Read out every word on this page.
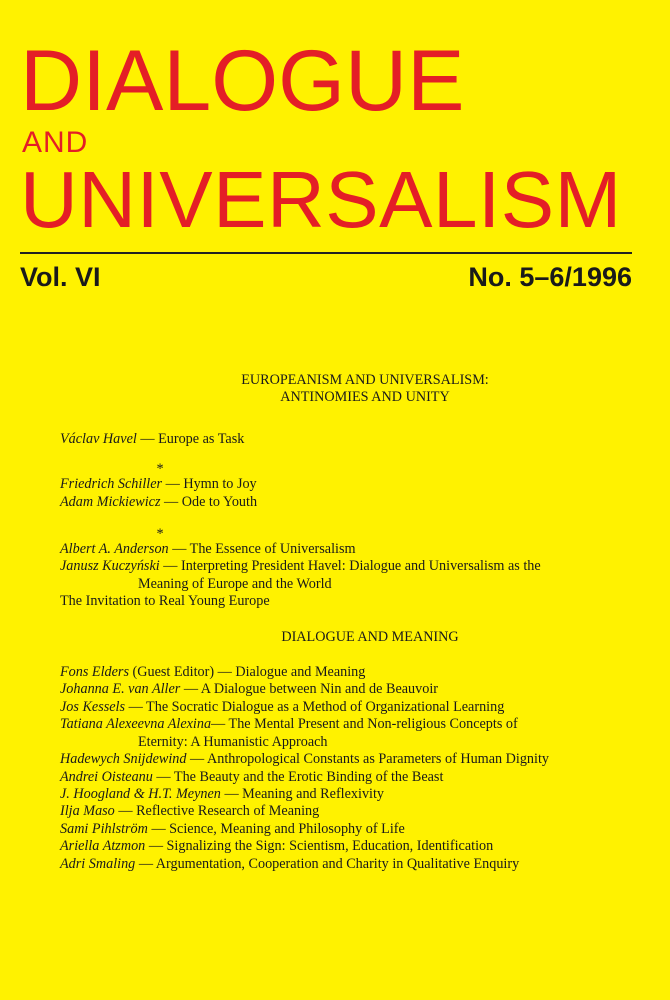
DIALOGUE
AND
UNIVERSALISM
Vol. VI	No. 5–6/1996
EUROPEANISM AND UNIVERSALISM:
ANTINOMIES AND UNITY
Václav Havel — Europe as Task
*
Friedrich Schiller — Hymn to Joy
Adam Mickiewicz — Ode to Youth
*
Albert A. Anderson — The Essence of Universalism
Janusz Kuczyński — Interpreting President Havel: Dialogue and Universalism as the
Meaning of Europe and the World
The Invitation to Real Young Europe
DIALOGUE AND MEANING
Fons Elders (Guest Editor) — Dialogue and Meaning
Johanna E. van Aller — A Dialogue between Nin and de Beauvoir
Jos Kessels — The Socratic Dialogue as a Method of Organizational Learning
Tatiana Alexeevna Alexina— The Mental Present and Non-religious Concepts of
Eternity: A Humanistic Approach
Hadewych Snijdewind — Anthropological Constants as Parameters of Human Dignity
Andrei Oisteanu — The Beauty and the Erotic Binding of the Beast
J. Hoogland & H.T. Meynen — Meaning and Reflexivity
Ilja Maso — Reflective Research of Meaning
Sami Pihlström — Science, Meaning and Philosophy of Life
Ariella Atzmon — Signalizing the Sign: Scientism, Education, Identification
Adri Smaling — Argumentation, Cooperation and Charity in Qualitative Enquiry
